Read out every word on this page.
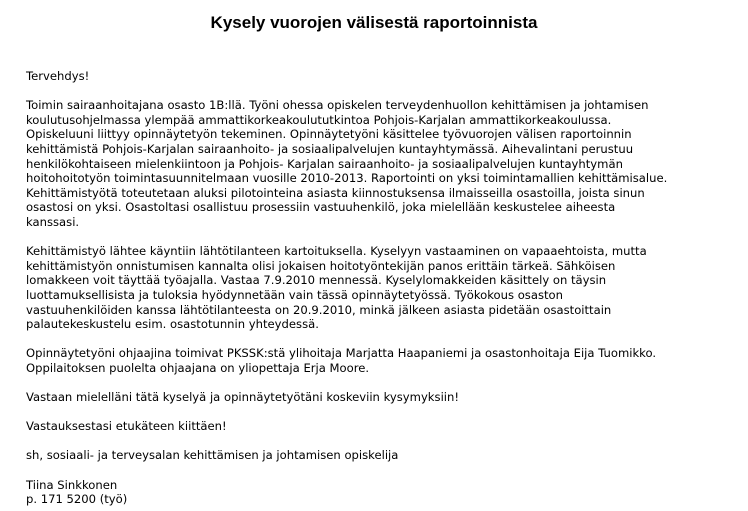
Kysely vuorojen välisestä raportoinnista

Tervehdys!

Toimin sairaanhoitajana osasto 1B:llä. Työni ohessa opiskelen terveydenhuollon kehittämisen ja johtamisen
koulutusohjelmassa ylempää ammattikorkeakoulututkintoa Pohjois-Karjalan ammattikorkeakoulussa.
Opiskeluuni liittyy opinnäytetyön tekeminen. Opinnäytetyöni käsittelee työvuorojen välisen raportoinnin
kehittämistä Pohjois-Karjalan sairaanhoito- ja sosiaalipalvelujen kuntayhtymässä. Aihevalintani perustuu
henkilökohtaiseen mielenkiintoon ja Pohjois- Karjalan sairaanhoito- ja sosiaalipalvelujen kuntayhtymän
hoitohoitotyön toimintasuunnitelmaan vuosille 2010-2013. Raportointi on yksi toimintamallien kehittämisalue.
Kehittämistyötä toteutetaan aluksi pilotointeina asiasta kiinnostuksensa ilmaisseilla osastoilla, joista sinun
osastosi on yksi. Osastoltasi osallistuu prosessiin vastuuhenkilö, joka mielellään keskustelee aiheesta
kanssasi.

Kehittämistyö lähtee käyntiin lähtötilanteen kartoituksella. Kyselyyn vastaaminen on vapaaehtoista, mutta
kehittämistyön onnistumisen kannalta olisi jokaisen hoitotyöntekijän panos erittäin tärkeä. Sähköisen
lomakkeen voit täyttää työajalla. Vastaa 7.9.2010 mennessä. Kyselylomakkeiden käsittely on täysin
luottamuksellisista ja tuloksia hyödynnetään vain tässä opinnäytetyössä. Työkokous osaston
vastuuhenkilöiden kanssa lähtötilanteesta on 20.9.2010, minkä jälkeen asiasta pidetään osastoittain
palautekeskustelu esim. osastotunnin yhteydessä.

Opinnäytetyöni ohjaajina toimivat PKSSK:stä ylihoitaja Marjatta Haapaniemi ja osastonhoitaja Eija Tuomikko.
Oppilaitoksen puolelta ohjaajana on yliopettaja Erja Moore.

Vastaan mielelläni tätä kyselyä ja opinnäytetyötäni koskeviin kysymyksiin!

Vastauksestasi etukäteen kiittäen!

sh, sosiaali- ja terveysalan kehittämisen ja johtamisen opiskelija

Tiina Sinkkonen

p. 171 5200 (työ)
